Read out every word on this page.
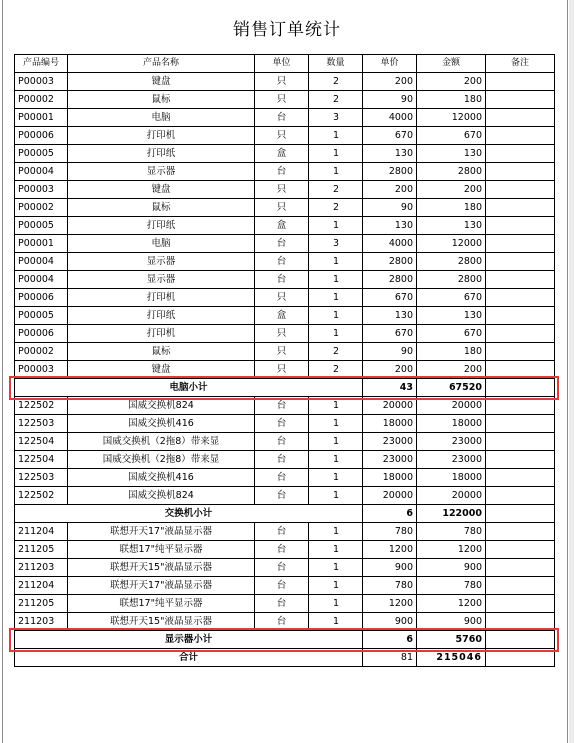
销售订单统计
产品编号	产品名称	单位	数量	单价	金额	备注
P00003	键盘	只	2	200	200	
P00002	鼠标	只	2	90	180	
P00001	电脑	台	3	4000	12000	
P00006	打印机	只	1	670	670	
P00005	打印纸	盒	1	130	130	
P00004	显示器	台	1	2800	2800	
P00003	键盘	只	2	200	200	
P00002	鼠标	只	2	90	180	
P00005	打印纸	盒	1	130	130	
P00001	电脑	台	3	4000	12000	
P00004	显示器	台	1	2800	2800	
P00004	显示器	台	1	2800	2800	
P00006	打印机	只	1	670	670	
P00005	打印纸	盒	1	130	130	
P00006	打印机	只	1	670	670	
P00002	鼠标	只	2	90	180	
P00003	键盘	只	2	200	200	
电脑小计				43	67520	
122502	国威交换机824	台	1	20000	20000	
122503	国威交换机416	台	1	18000	18000	
122504	国威交换机（2拖8）带来显	台	1	23000	23000	
122504	国威交换机（2拖8）带来显	台	1	23000	23000	
122503	国威交换机416	台	1	18000	18000	
122502	国威交换机824	台	1	20000	20000	
交换机小计				6	122000	
211204	联想开天17"液晶显示器	台	1	780	780	
211205	联想17"纯平显示器	台	1	1200	1200	
211203	联想开天15"液晶显示器	台	1	900	900	
211204	联想开天17"液晶显示器	台	1	780	780	
211205	联想17"纯平显示器	台	1	1200	1200	
211203	联想开天15"液晶显示器	台	1	900	900	
显示器小计				6	5760	
合计				81	215046	
